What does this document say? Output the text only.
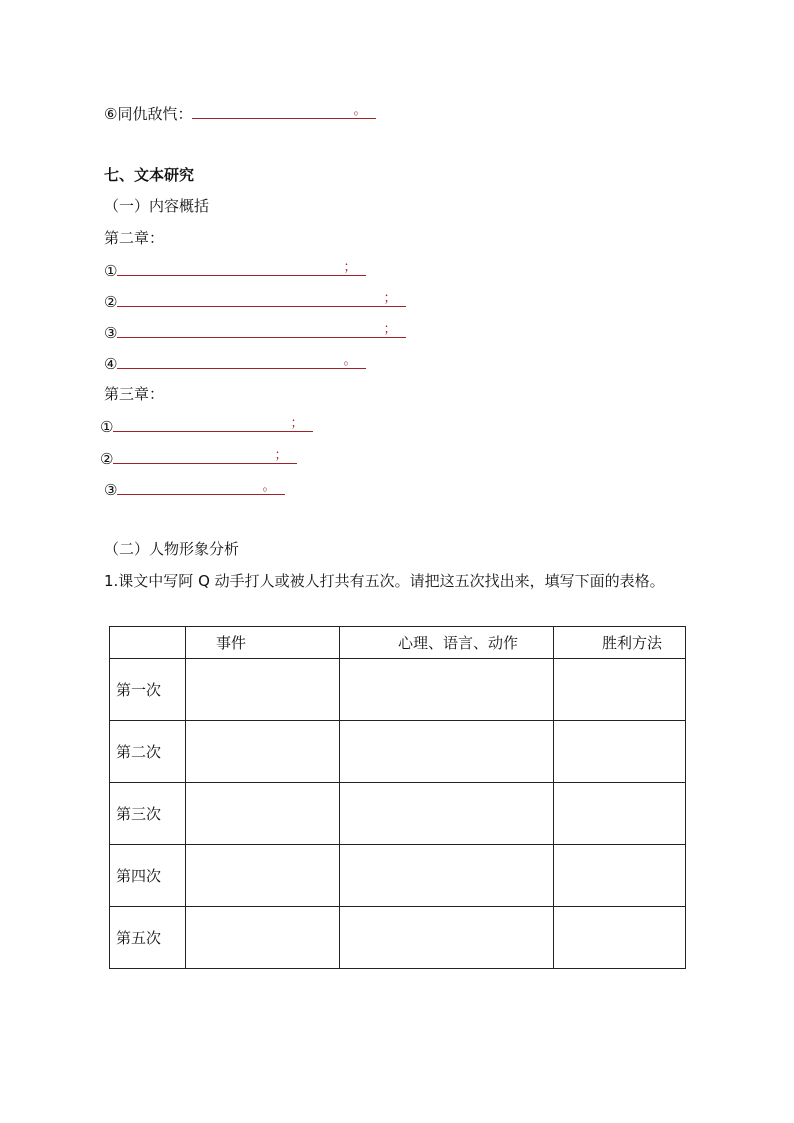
⑥同仇敌忾：	。
七、文本研究
（一）内容概括
第二章：
①	；
②	；
③	；
④	。
第三章：
①	；
②	；
③	。
（二）人物形象分析
1.课文中写阿 Q 动手打人或被人打共有五次。请把这五次找出来，填写下面的表格。
	事件	心理、语言、动作	胜利方法
第一次			
第二次			
第三次			
第四次			
第五次			
